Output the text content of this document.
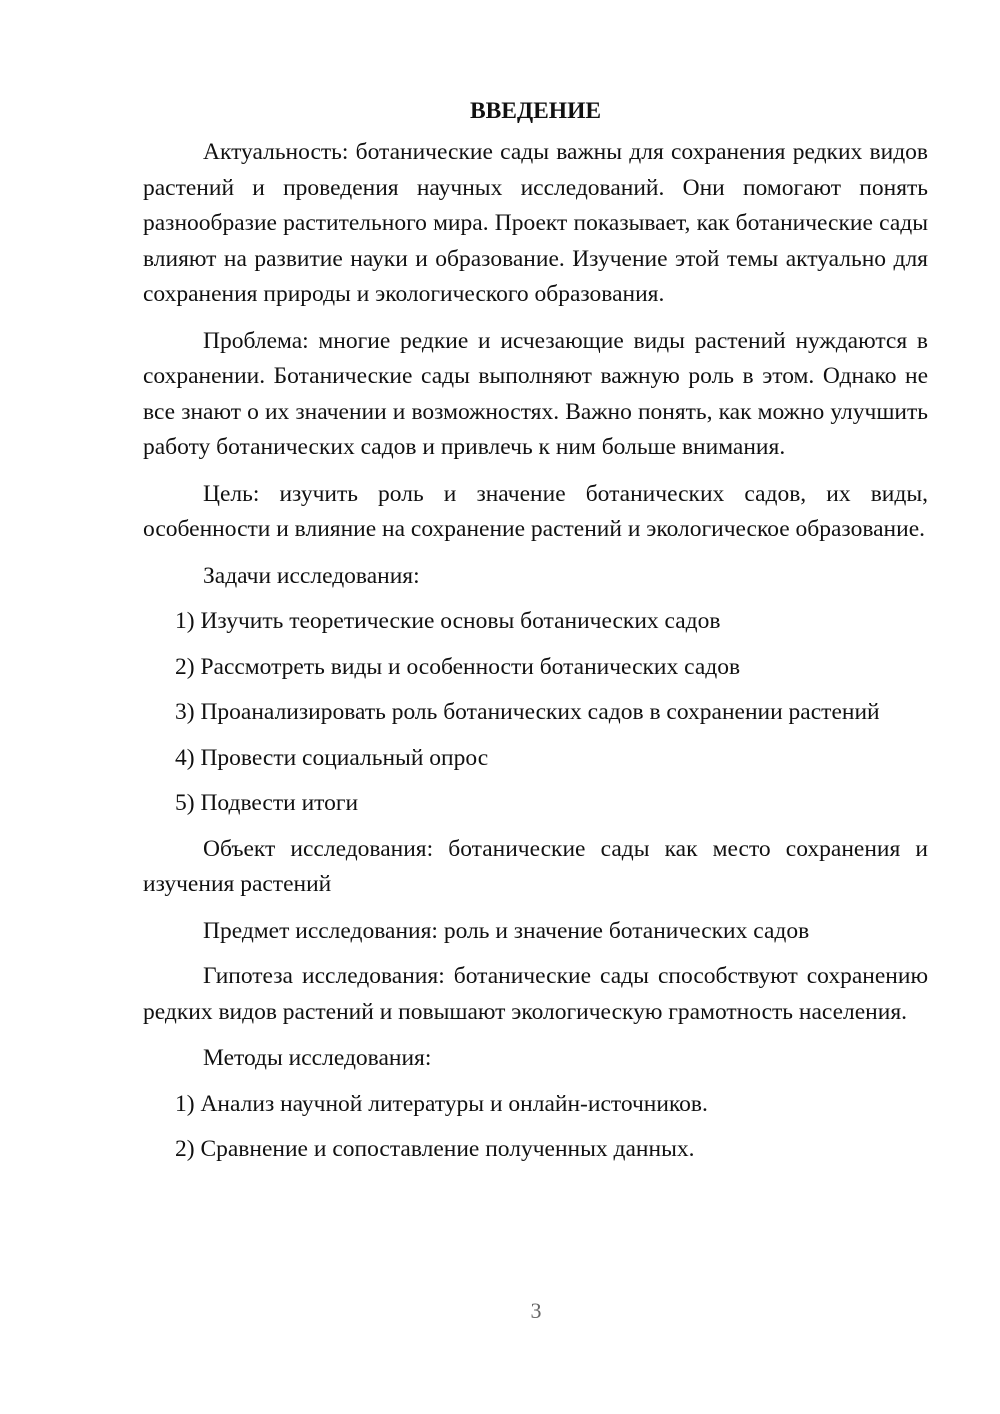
ВВЕДЕНИЕ

Актуальность: ботанические сады важны для сохранения редких видов растений и проведения научных исследований. Они помогают понять разнообразие растительного мира. Проект показывает, как ботанические сады влияют на развитие науки и образование. Изучение этой темы актуально для сохранения природы и экологического образования.

Проблема: многие редкие и исчезающие виды растений нуждаются в сохранении. Ботанические сады выполняют важную роль в этом. Однако не все знают о их значении и возможностях. Важно понять, как можно улучшить работу ботанических садов и привлечь к ним больше внимания.

Цель: изучить роль и значение ботанических садов, их виды, особенности и влияние на сохранение растений и экологическое образование.

Задачи исследования:

1) Изучить теоретические основы ботанических садов
2) Рассмотреть виды и особенности ботанических садов
3) Проанализировать роль ботанических садов в сохранении растений
4) Провести социальный опрос
5) Подвести итоги

Объект исследования: ботанические сады как место сохранения и изучения растений

Предмет исследования: роль и значение ботанических садов

Гипотеза исследования: ботанические сады способствуют сохранению редких видов растений и повышают экологическую грамотность населения.

Методы исследования:

1) Анализ научной литературы и онлайн-источников.
2) Сравнение и сопоставление полученных данных.
3
